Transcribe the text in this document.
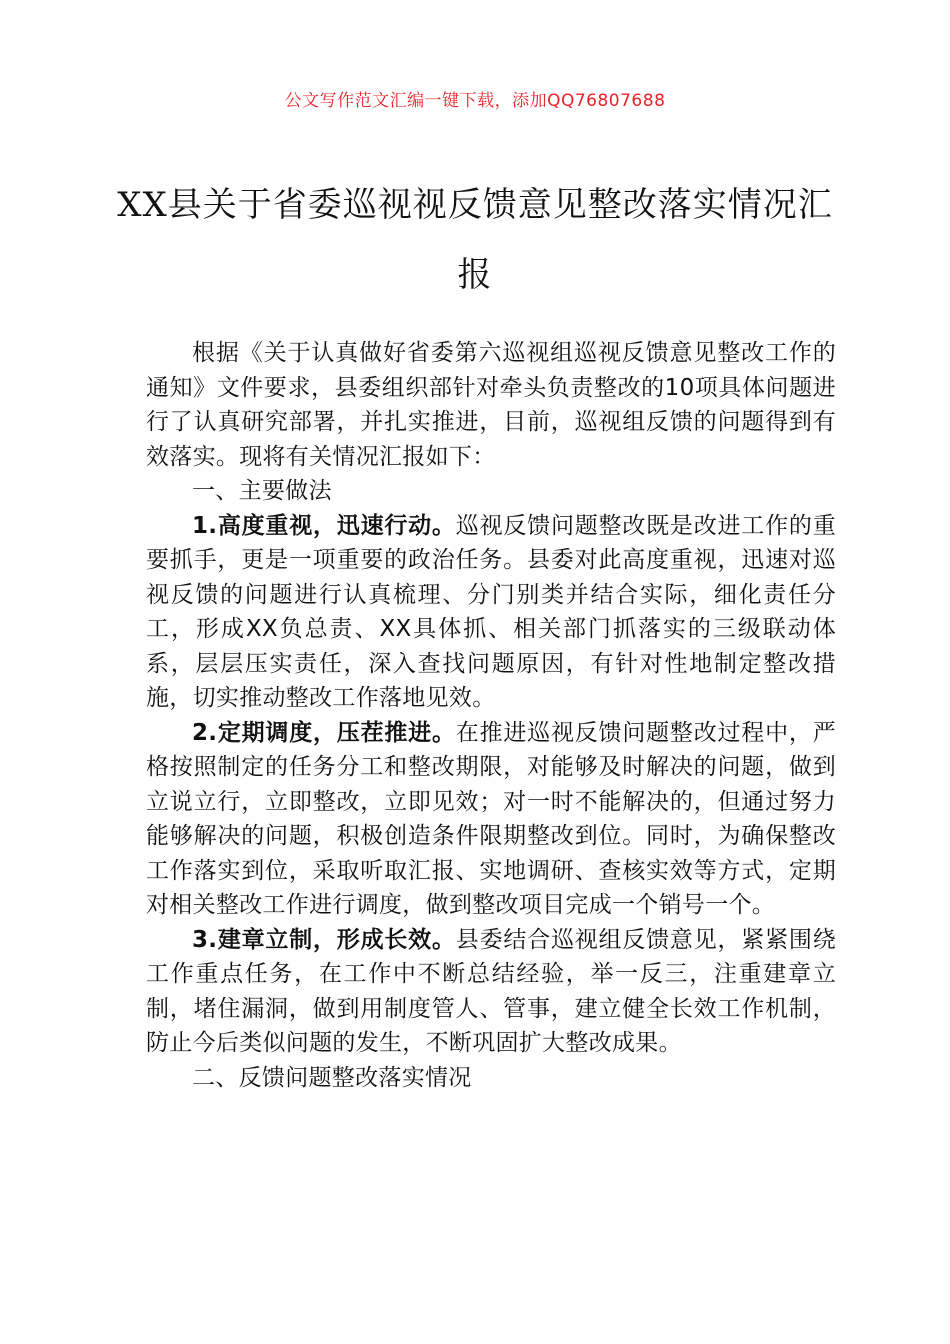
公文写作范文汇编一键下载，添加QQ76807688
XX县关于省委巡视视反馈意见整改落实情况汇报

根据《关于认真做好省委第六巡视组巡视反馈意见整改工作的通知》文件要求，县委组织部针对牵头负责整改的10项具体问题进行了认真研究部署，并扎实推进，目前，巡视组反馈的问题得到有效落实。现将有关情况汇报如下：

一、主要做法

1.高度重视，迅速行动。巡视反馈问题整改既是改进工作的重要抓手，更是一项重要的政治任务。县委对此高度重视，迅速对巡视反馈的问题进行认真梳理、分门别类并结合实际，细化责任分工，形成XX负总责、XX具体抓、相关部门抓落实的三级联动体系，层层压实责任，深入查找问题原因，有针对性地制定整改措施，切实推动整改工作落地见效。

2.定期调度，压茬推进。在推进巡视反馈问题整改过程中，严格按照制定的任务分工和整改期限，对能够及时解决的问题，做到立说立行，立即整改，立即见效；对一时不能解决的，但通过努力能够解决的问题，积极创造条件限期整改到位。同时，为确保整改工作落实到位，采取听取汇报、实地调研、查核实效等方式，定期对相关整改工作进行调度，做到整改项目完成一个销号一个。

3.建章立制，形成长效。县委结合巡视组反馈意见，紧紧围绕工作重点任务，在工作中不断总结经验，举一反三，注重建章立制，堵住漏洞，做到用制度管人、管事，建立健全长效工作机制，防止今后类似问题的发生，不断巩固扩大整改成果。

二、反馈问题整改落实情况
